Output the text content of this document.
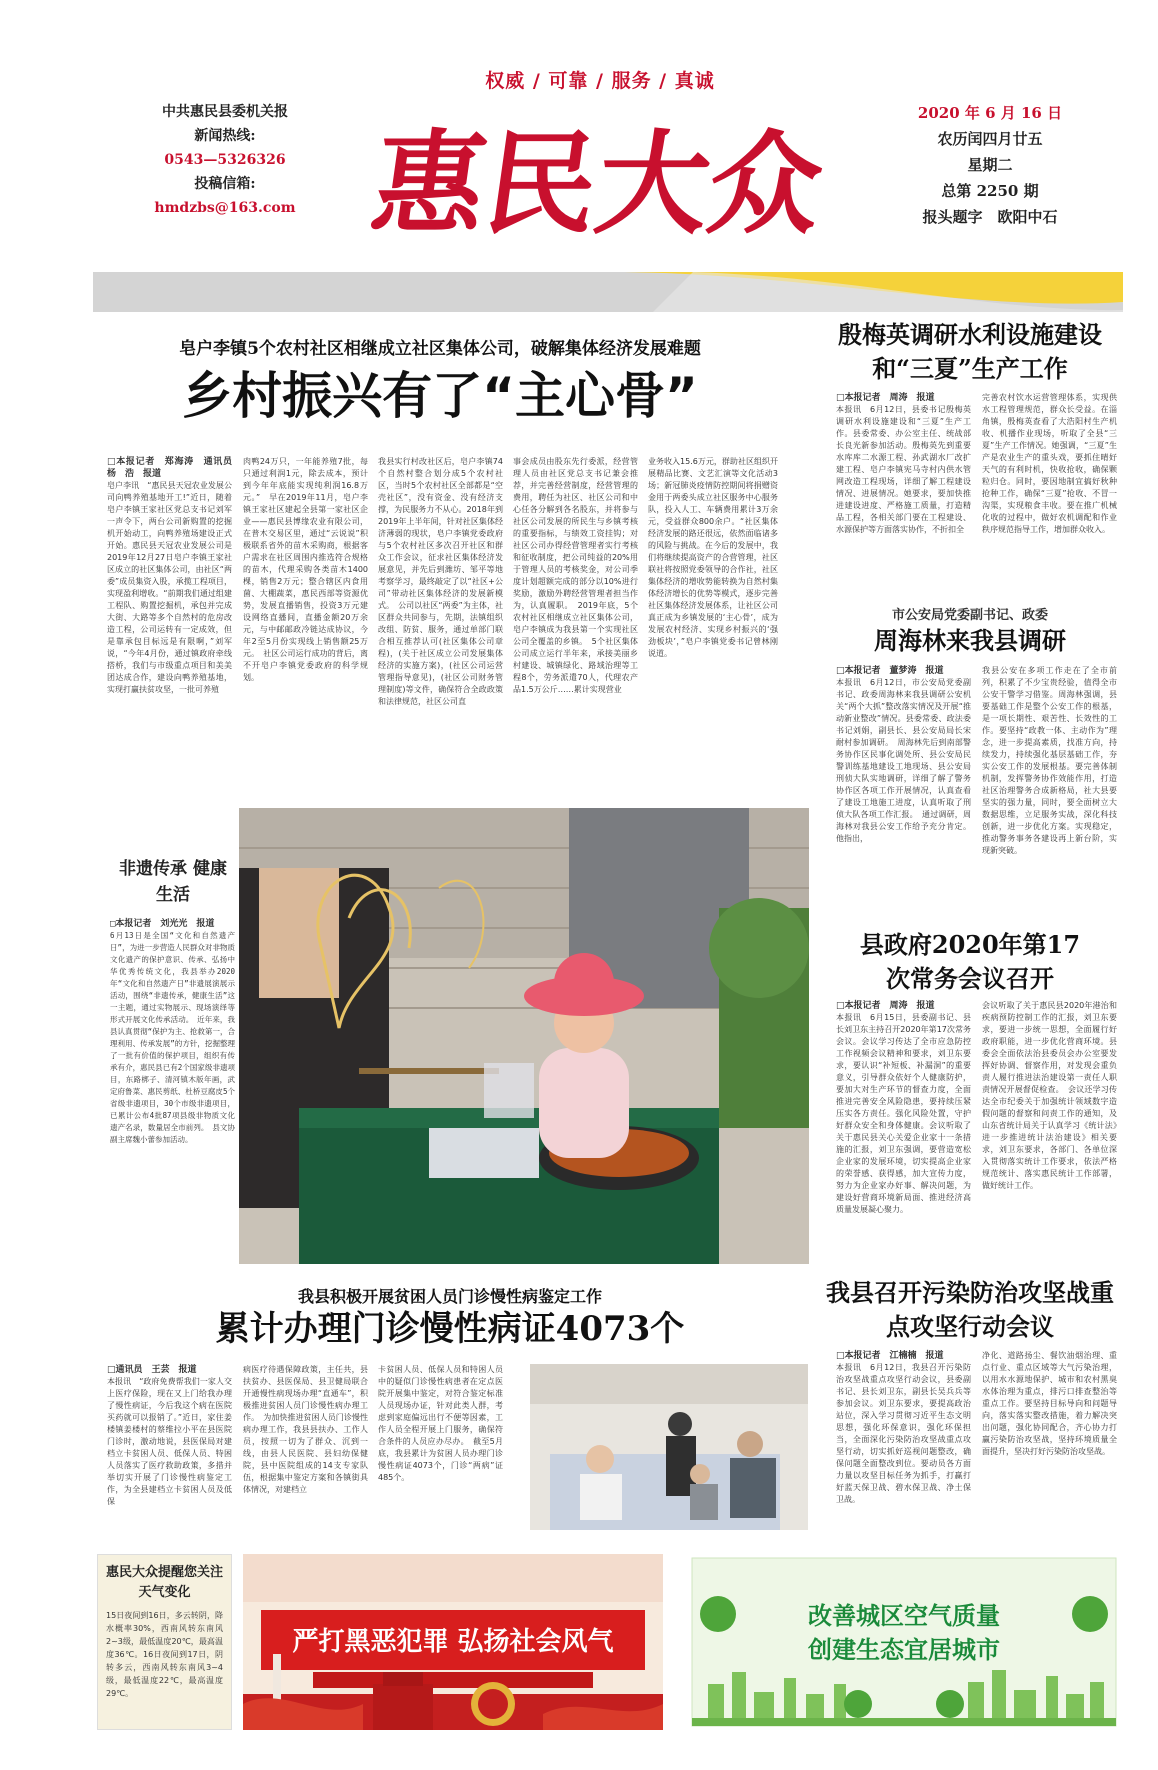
中共惠民县委机关报
新闻热线:
0543—5326326
投稿信箱:
hmdzbs@163.com
权威 / 可靠 / 服务 / 真诚
惠民大众
2020 年 6 月 16 日
农历闰四月廿五
星期二
总第 2250 期
报头题字　欧阳中石
皂户李镇5个农村社区相继成立社区集体公司，破解集体经济发展难题
乡村振兴有了“主心骨”
□本报记者　郑海涛　通讯员　杨　浩　报道
皂户李讯　“惠民县天冠农业发展公司向鸭养殖基地开工!”近日，随着皂户李镇王家社区党总支书记刘军一声令下，两台公司新购置的挖掘机开始动工，向鸭养殖场建设正式开始。惠民县天冠农业发展公司是2019年12月27日皂户李镇王家社区成立的社区集体公司，由社区“两委”成员集资入股，承揽工程项目，实现盈利增收。“前期我们通过组建工程队、购置挖掘机，承包并完成大街、大路等多个自然村的危房改造工程，公司运转有一定成效，但是靠承包目标远是有限啊，”刘军说，“今年4月份，通过镇政府牵线搭桥，我们与市级重点项目和美美团达成合作，建设向鸭养殖基地，实现打赢扶贫攻坚，一批可养殖
肉鸭24万只，一年能养殖7批，每只通过利润1元，除去成本，预计到今年年底能实现纯利润16.8万元。”　早在2019年11月，皂户李镇王家社区建起全县第一家社区企业——惠民县博缘农业有限公司，在普木交易区里，通过“云说说”积极联系省外的苗木采购商，根据客户需求在社区周围内推选符合规格的苗木，代理采购各类苗木1400棵，销售2万元；整合辖区内食用菌、大棚蔬菜，惠民西部等资源优势，发展直播销售，投资3万元建设网络直播间，直播金额20万余元，与中邮邮政冷链达成协议，今年2至5月份实现线上销售额25万元。　社区公司运行成功的背后，离不开皂户李镇党委政府的科学规划。
我县实行村改社区后，皂户李镇74个自然村整合划分成5个农村社区，当时5个农村社区全部都是“空壳社区”，没有资金、没有经济支撑，为民服务力不从心。2018年到2019年上半年间，针对社区集体经济薄弱的现状，皂户李镇党委政府与5个农村社区多次召开社区和群众工作会议，征求社区集体经济发展意见，并先后到潍坊、邹平等地考察学习，最终敲定了以“社区+公司”带动社区集体经济的发展新模式。　公司以社区“两委”为主体，社区群众共同参与，先期，法镇组织改组、防贫、服务，通过单部门联合相互推荐认可(社区集体公司章程)，(关于社区成立公司发展集体经济的实施方案)，(社区公司运营管理指导意见)，(社区公司财务管理制度)等文件，确保符合全政政策和法律规范，社区公司直
事会成员由股东先行委派，经营管理人员由社区党总支书记兼会推荐，并完善经营制度，经营管理的费用，聘任为社区、社区公司和中心任各分解到各名股东，并将参与社区公司发展的所民生与乡镇考核的重要指标，与绩效工资挂钩；对社区公司办得经营管理者实行考核和征收制度，把公司纯益的20%用于管理人员的考核奖金，对公司季度计划超额完成的部分以10%进行奖励，激励外聘经营管理者担当作为，认真履职。　2019年底，5个农村社区相继成立社区集体公司，皂户李镇成为我县第一个实现社区公司全覆盖的乡镇。　5个社区集体公司成立运行半年来，承接美丽乡村建设、城镇绿化、路域治理等工程8个，劳务派遣70人，代理农产品1.5万公斤……累计实现营业
业务收入15.6万元，群助社区组织开展精品比赛、文艺汇演等文化活动3场；新冠肺炎疫情防控期间将捐赠资金用于两委头成立社区服务中心服务队，投入人工、车辆费用累计3万余元，受益群众800余户。“社区集体经济发展的路还很远，依然面临诸多的风险与挑战。在今后的发展中，我们将继续提高资产的合营管理，社区联社将按照党委领导的合作社，社区集体经济的增收势能转换为自然村集体经济增长的优势等模式，逐步完善社区集体经济发展体系，让社区公司真正成为乡镇发展的‘主心骨’，成为发展农村经济、实现乡村振兴的‘强劲板块’，”皂户李镇党委书记曾林刚说道。
殷梅英调研水利设施建设和“三夏”生产工作
□本报记者　周涛　报道
本报讯　6月12日，县委书记殷梅英调研水利设施建设和“三夏”生产工作。县委常委、办公室主任、统战部长良光新参加活动。殷梅英先到重要水库库二水源工程、孙武湖水厂改扩建工程、皂户李镇宪马寺村内供水管网改造工程现场，详细了解工程建设情况、进展情况。她要求，要加快推进建设进度、严格施工质量，打造精品工程，各相关部门要在工程建设、水源保护等方面落实协作，不折扣全
完善农村饮水运营管理体系，实现供水工程管理规范，群众长受益。在淄角镇，殷梅英查看了大浩阳村生产机收、机播作业现场，听取了全县“三夏”生产工作情况。她强调，“三夏”生产是农业生产的重头戏，要抓住晴好天气的有利时机，快收抢收，确保颗粒归仓。同时，要因地制宜搞好秋种抢种工作，确保“三夏”抢收、不冒一沟渠，实现粮食丰收。要在推广机械化收的过程中，做好农机调配和作业秩序规范指导工作，增加群众收入。
市公安局党委副书记、政委
周海林来我县调研
□本报记者　董梦涛　报道
本报讯　6月12日，市公安局党委副书记、政委周海林来我县调研公安机关“两个大抓”整改落实情况及开展“推动新业整改”情况。县委常委、政法委书记刘娟，副县长、县公安局局长宋耐村参加调研。　周海林先后到南部警务协作区民事化调处所、县公安局民警训练基地建设工地现场、县公安局刑侦大队实地调研，详细了解了警务协作区各项工作开展情况，认真查看了建设工地施工进度，认真听取了刑侦大队各项工作汇报。　通过调研，周海林对我县公安工作给予充分肯定。他指出，
我县公安在多项工作走在了全市前列，积累了不少宝贵经验，值得全市公安干警学习借鉴。周海林强调，县要基础工作是整个公安工作的根基，是一项长期性、艰苦性、长效性的工作。要坚持“政教一体、主动作为”理念，进一步提高素质，找准方向，持续发力，持续强化基层基础工作，夯实公安工作的发展根基。要完善体制机制，发挥警务协作效能作用，打造社区治理警务合成新格局，社大县要坚实的强力量，同时，要全面树立大数据思维，立足服务实战，深化科技创新，进一步优化方案。实现稳定，推动警务事务各建设再上新台阶，实现新突破。
县政府2020年第17次常务会议召开
□本报记者　周涛　报道
本报讯　6月15日，县委副书记、县长刘卫东主持召开2020年第17次常务会议。会议学习传达了全市应急防控工作视频会议精神和要求，刘卫东要求，要认识“补短板、补漏洞”的重要意义，引导群众依好个人健康防护，要加大对生产环节的督查力度，全面推进完善安全风险隐患，要持续压紧压实各方责任。强化风险处置，守护好群众安全和身体健康。会议听取了关于惠民县关心关爱企业家十一条措施的汇报，刘卫东强调，要营造宽松企业家的发展环境，切实提高企业家的荣誉感、获得感，加大宣传力度，努力为企业家办好事、解决问题，为建设好营商环境新局面、推进经济高质量发展凝心聚力。
会议听取了关于惠民县2020年港治和疾病预防控制工作的汇报，刘卫东要求，要进一步统一思想，全面履行好政府职能，进一步优化营商环境。县委会全面依法治县委员会办公室要发挥好协调、督察作用，对发现会重负责人履行推进法治建设第一责任人职责情况开展督促检查。　会议还学习传达全市纪委关于加强统计领域数字造假问题的督察和问责工作的通知，及山东省统计局关于认真学习《统计法》进一步推进统计法治建设》相关要求，刘卫东要求，各部门、各单位深入贯彻落实统计工作要求，依法严格规范统计、落实惠民统计工作部署，做好统计工作。
非遗传承 健康生活
□本报记者　刘光光　报道
6月13日是全国“文化和自然遗产日”，为进一步营造人民群众对非物质文化遗产的保护意识、传承、弘扬中华优秀传统文化，我县举办2020年“文化和自然遗产日”非遗展演展示活动，围绕“非遗传承，健康生活”这一主题，通过实物展示、现场演绎等形式开展文化传承活动。　近年来，我县认真贯彻“保护为主、抢救第一，合理利用、传承发展”的方针，挖掘整理了一批有价值的保护项目，组织有传承有介，惠民县已有2个国家级非遗项目，东路梆子、清河镇木版年画，武定府鲁菜、惠民剪纸、杜桥豆腐皮5个省级非遗项目，30个市级非遗项目，已累计公布4批87项县级非物质文化遗产名录，数量居全市前列。　县文协副主席魏小蕾参加活动。
我县积极开展贫困人员门诊慢性病鉴定工作
累计办理门诊慢性病证4073个
□通讯员　王芸　报道
本报讯　“政府免费帮我们一家人交上医疗保险，现在又上门给我办理了慢性病证，今后我这个病在医院买药就可以报销了。”近日，家住姜楼镇姜楼村的蔡维拉小平在县医院门诊时，激动地说，县医保局对建档立卡贫困人员、低保人员、特困人员落实了医疗救助政策，多措并举切实开展了门诊慢性病鉴定工作，为全县建档立卡贫困人员及低保
病医疗待遇保障政策，主任共，县扶贫办、县医保局、县卫健局联合开通慢性病现场办理“直通车”，积极推进贫困人员门诊慢性病办理工作。　为加快推进贫困人员门诊慢性病办理工作，我县县扶办、工作人员，按照一切为了群众、沉到一线，由县人民医院、县妇幼保健院，县中医院组成的14支专家队伍，根据集中鉴定方案和各镇街具体情况，对建档立
卡贫困人员、低保人员和特困人员中的疑似门诊慢性病患者在定点医院开展集中鉴定，对符合鉴定标准人员现场办证，针对此类人群，考虑到家庭偏远出行不便等因素，工作人员全程开展上门服务，确保符合条件的人员应办尽办。　截至5月底，我县累计为贫困人员办理门诊慢性病证4073个，门诊“两病”证485个。
我县召开污染防治攻坚战重点攻坚行动会议
□本报记者　江楠楠　报道
本报讯　6月12日，我县召开污染防治攻坚战重点攻坚行动会议，县委副书记、县长刘卫东，副县长吴兵兵等参加会议。刘卫东要求，要提高政治站位，深入学习贯彻习近平生态文明思想，强化环保意识，强化环保担当，全面深化污染防治攻坚战重点攻坚行动，切实抓好巡视问题整改，确保问题全面整改到位。要动员各方面力量以攻坚目标任务为抓手，打赢打好蓝天保卫战、碧水保卫战、净土保卫战。
净化、道路扬尘、餐饮油烟治理、重点行业、重点区域等大气污染治理，以用水水源地保护、城市和农村黑臭水体治理为重点，排污口排查整治等重点工作。要坚持目标导向和问题导向，落实落实整改措施，着力解决突出问题，强化协同配合，齐心协力打赢污染防治攻坚战，坚持环境质量全面提升，坚决打好污染防治攻坚战。
惠民大众提醒您关注天气变化
15日夜间到16日，多云转阴，降水概率30%，西南风转东南风2~3级，最低温度20℃，最高温度36℃。16日夜间到17日，阴转多云，西南风转东南风3~4级，最低温度22℃，最高温度29℃。
严打黑恶犯罪 弘扬社会风气

改善城区空气质量
创建生态宜居城市
